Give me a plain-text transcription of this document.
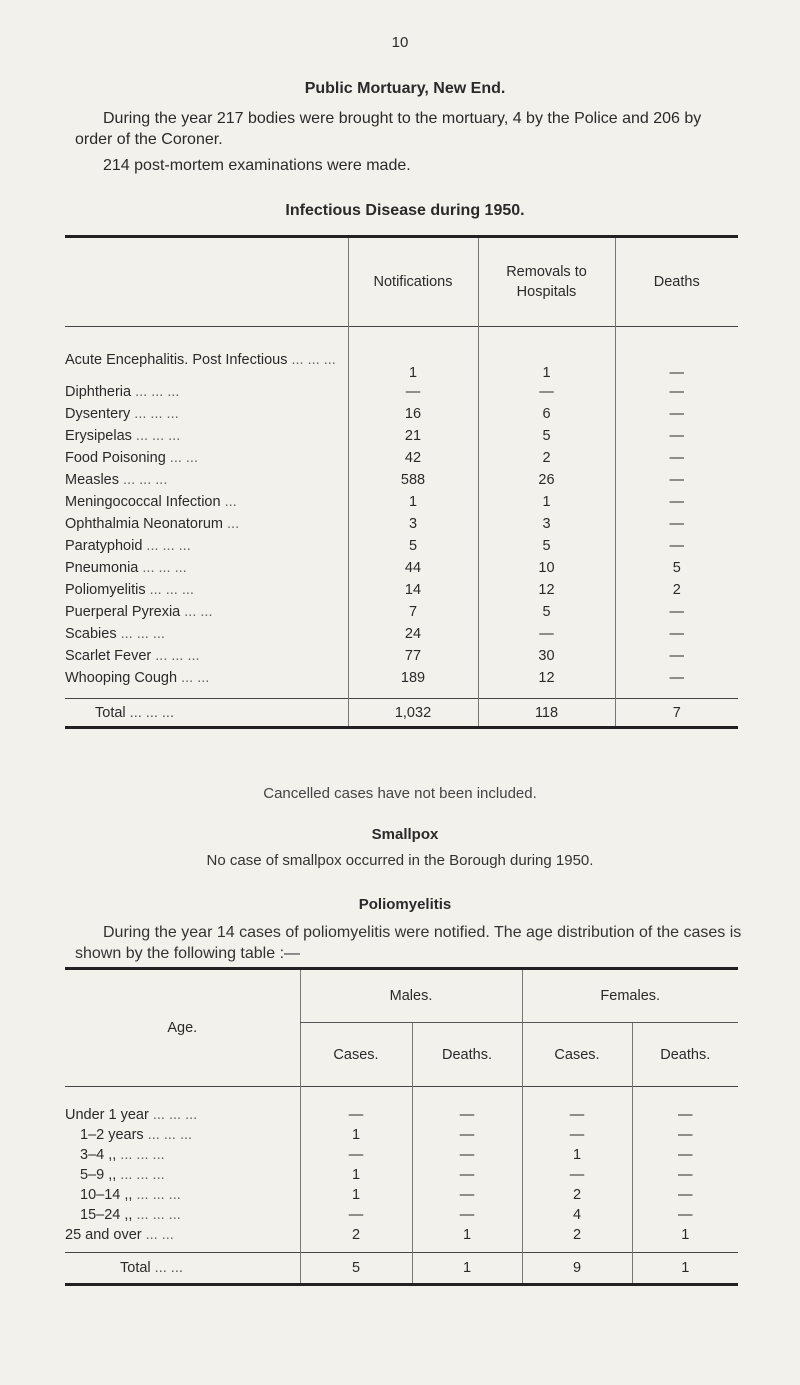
10
Public Mortuary, New End.
During the year 217 bodies were brought to the mortuary, 4 by the Police and 206 by order of the Coroner.
214 post-mortem examinations were made.
Infectious Disease during 1950.
	Notifications	Removals to Hospitals	Deaths

Acute Encephalitis. Post Infectious ... ... ...	1	1	—
Diphtheria ... ... ...	—	—	—
Dysentery ... ... ...	16	6	—
Erysipelas ... ... ...	21	5	—
Food Poisoning ... ...	42	2	—
Measles ... ... ...	588	26	—
Meningococcal Infection ...	1	1	—
Ophthalmia Neonatorum ...	3	3	—
Paratyphoid ... ... ...	5	5	—
Pneumonia ... ... ...	44	10	5
Poliomyelitis ... ... ...	14	12	2
Puerperal Pyrexia ... ...	7	5	—
Scabies ... ... ...	24	—	—
Scarlet Fever ... ... ...	77	30	—
Whooping Cough ... ...	189	12	—

Total ... ... ...	1,032	118	7
Cancelled cases have not been included.
Smallpox
No case of smallpox occurred in the Borough during 1950.
Poliomyelitis
During the year 14 cases of poliomyelitis were notified. The age distribution of the cases is shown by the following table :—
Age.	Males.		Females.	
	Cases.	Deaths.	Cases.	Deaths.

Under 1 year ... ... ...	—	—	—	—
1–2 years ... ... ...	1	—	—	—
3–4 ,, ... ... ...	—	—	1	—
5–9 ,, ... ... ...	1	—	—	—
10–14 ,, ... ... ...	1	—	2	—
15–24 ,, ... ... ...	—	—	4	—
25 and over ... ...	2	1	2	1

Total ... ...	5	1	9	1
